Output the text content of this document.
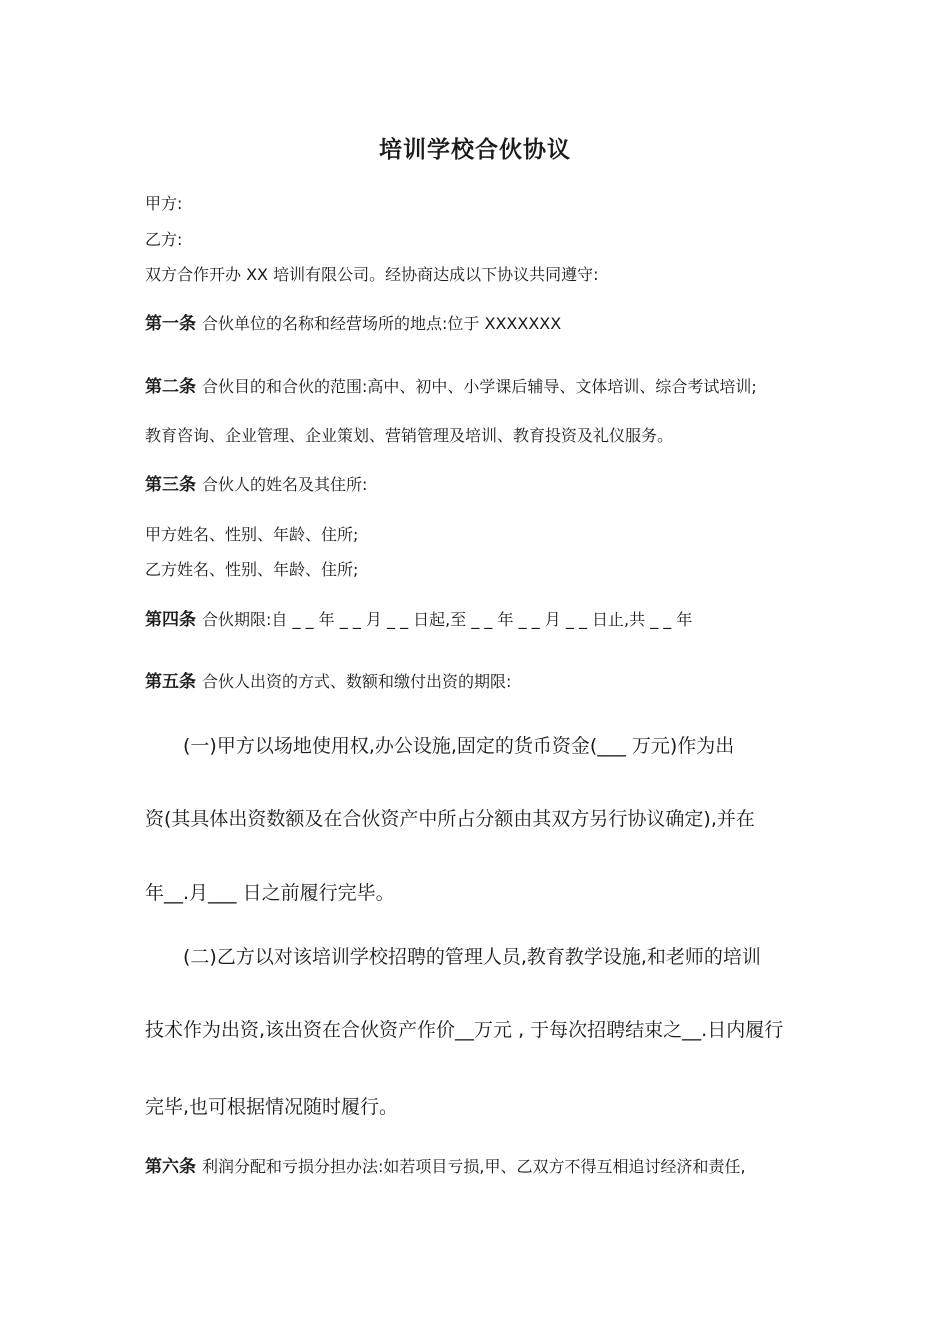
培训学校合伙协议
甲方:
乙方:
双方合作开办 XX 培训有限公司。经协商达成以下协议共同遵守:
第一条 合伙单位的名称和经营场所的地点:位于 XXXXXXX
第二条 合伙目的和合伙的范围:高中、初中、小学课后辅导、文体培训、综合考试培训;
教育咨询、企业管理、企业策划、营销管理及培训、教育投资及礼仪服务。
第三条 合伙人的姓名及其住所:
甲方姓名、性别、年龄、住所;
乙方姓名、性别、年龄、住所;
第四条 合伙期限:自 _ _ 年 _ _ 月 _ _ 日起,至 _ _ 年 _ _ 月 _ _ 日止,共 _ _ 年
第五条 合伙人出资的方式、数额和缴付出资的期限:
(一)甲方以场地使用权,办公设施,固定的货币资金(___ 万元)作为出
资(其具体出资数额及在合伙资产中所占分额由其双方另行协议确定),并在
年__.月___ 日之前履行完毕。
(二)乙方以对该培训学校招聘的管理人员,教育教学设施,和老师的培训
技术作为出资,该出资在合伙资产作价__万元 , 于每次招聘结束之__.日内履行
完毕,也可根据情况随时履行。
第六条 利润分配和亏损分担办法:如若项目亏损,甲、乙双方不得互相追讨经济和责任,
